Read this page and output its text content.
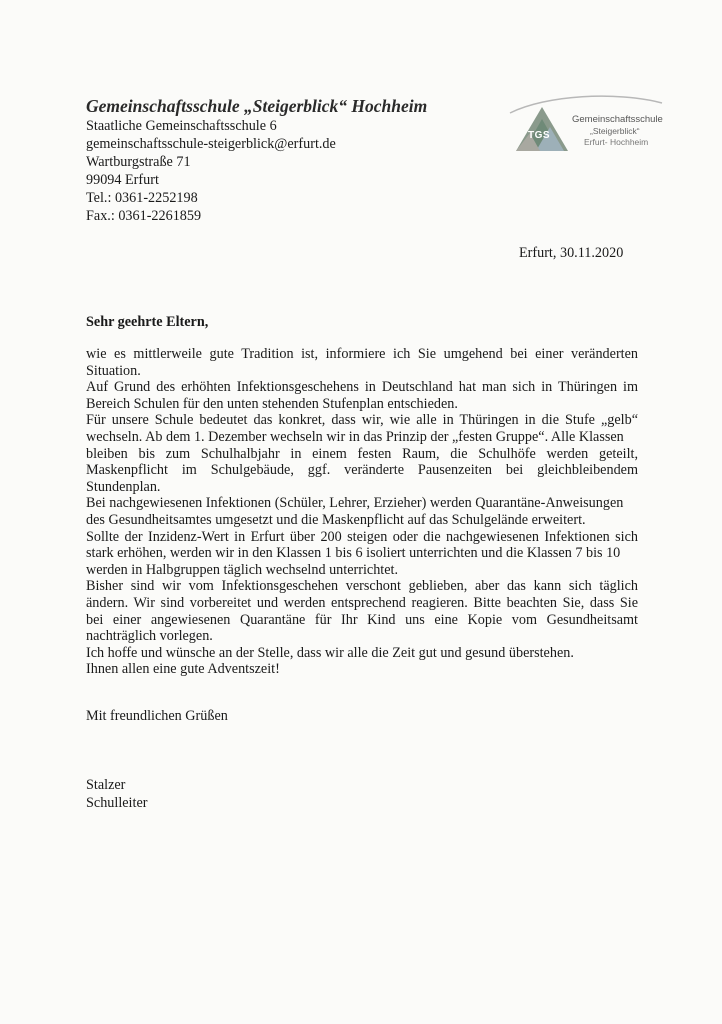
Gemeinschaftsschule „Steigerblick“ Hochheim
Staatliche Gemeinschaftsschule 6
gemeinschaftsschule-steigerblick@erfurt.de
Wartburgstraße 71
99094 Erfurt
Tel.: 0361-2252198
Fax.: 0361-2261859
TGS
Gemeinschaftsschule
„Steigerblick“
Erfurt- Hochheim
Erfurt, 30.11.2020
Sehr geehrte Eltern,
wie es mittlerweile gute Tradition ist, informiere ich Sie umgehend bei einer veränderten
Situation.
Auf Grund des erhöhten Infektionsgeschehens in Deutschland hat man sich in Thüringen im
Bereich Schulen für den unten stehenden Stufenplan entschieden.
Für unsere Schule bedeutet das konkret, dass wir, wie alle in Thüringen in die Stufe „gelb“
wechseln. Ab dem 1. Dezember wechseln wir in das Prinzip der „festen Gruppe“. Alle Klassen
bleiben bis zum Schulhalbjahr in einem festen Raum, die Schulhöfe werden geteilt,
Maskenpflicht im Schulgebäude, ggf. veränderte Pausenzeiten bei gleichbleibendem
Stundenplan.
Bei nachgewiesenen Infektionen (Schüler, Lehrer, Erzieher) werden Quarantäne-Anweisungen
des Gesundheitsamtes umgesetzt und die Maskenpflicht auf das Schulgelände erweitert.
Sollte der Inzidenz-Wert in Erfurt über 200 steigen oder die nachgewiesenen Infektionen sich
stark erhöhen, werden wir in den Klassen 1 bis 6 isoliert unterrichten und die Klassen 7 bis 10
werden in Halbgruppen täglich wechselnd unterrichtet.
Bisher sind wir vom Infektionsgeschehen verschont geblieben, aber das kann sich täglich
ändern. Wir sind vorbereitet und werden entsprechend reagieren. Bitte beachten Sie, dass Sie
bei einer angewiesenen Quarantäne für Ihr Kind uns eine Kopie vom Gesundheitsamt
nachträglich vorlegen.
Ich hoffe und wünsche an der Stelle, dass wir alle die Zeit gut und gesund überstehen.
Ihnen allen eine gute Adventszeit!
Mit freundlichen Grüßen
Stalzer
Schulleiter
